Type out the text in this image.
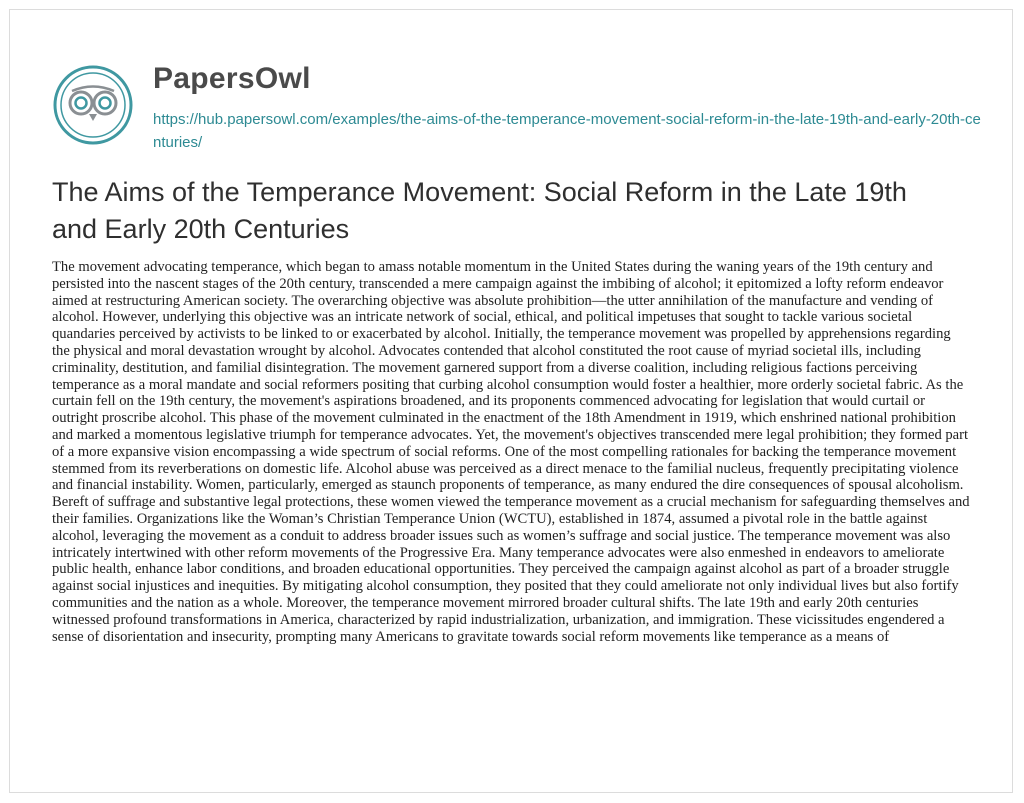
PapersOwl
https://hub.papersowl.com/examples/the-aims-of-the-temperance-movement-social-reform-in-the-late-19th-and-early-20th-centuries/
The Aims of the Temperance Movement: Social Reform in the Late 19th and Early 20th Centuries

The movement advocating temperance, which began to amass notable momentum in the United States during the waning years of the 19th century and persisted into the nascent stages of the 20th century, transcended a mere campaign against the imbibing of alcohol; it epitomized a lofty reform endeavor aimed at restructuring American society. The overarching objective was absolute prohibition—the utter annihilation of the manufacture and vending of alcohol. However, underlying this objective was an intricate network of social, ethical, and political impetuses that sought to tackle various societal quandaries perceived by activists to be linked to or exacerbated by alcohol. Initially, the temperance movement was propelled by apprehensions regarding the physical and moral devastation wrought by alcohol. Advocates contended that alcohol constituted the root cause of myriad societal ills, including criminality, destitution, and familial disintegration. The movement garnered support from a diverse coalition, including religious factions perceiving temperance as a moral mandate and social reformers positing that curbing alcohol consumption would foster a healthier, more orderly societal fabric. As the curtain fell on the 19th century, the movement's aspirations broadened, and its proponents commenced advocating for legislation that would curtail or outright proscribe alcohol. This phase of the movement culminated in the enactment of the 18th Amendment in 1919, which enshrined national prohibition and marked a momentous legislative triumph for temperance advocates. Yet, the movement's objectives transcended mere legal prohibition; they formed part of a more expansive vision encompassing a wide spectrum of social reforms. One of the most compelling rationales for backing the temperance movement stemmed from its reverberations on domestic life. Alcohol abuse was perceived as a direct menace to the familial nucleus, frequently precipitating violence and financial instability. Women, particularly, emerged as staunch proponents of temperance, as many endured the dire consequences of spousal alcoholism. Bereft of suffrage and substantive legal protections, these women viewed the temperance movement as a crucial mechanism for safeguarding themselves and their families. Organizations like the Woman’s Christian Temperance Union (WCTU), established in 1874, assumed a pivotal role in the battle against alcohol, leveraging the movement as a conduit to address broader issues such as women’s suffrage and social justice. The temperance movement was also intricately intertwined with other reform movements of the Progressive Era. Many temperance advocates were also enmeshed in endeavors to ameliorate public health, enhance labor conditions, and broaden educational opportunities. They perceived the campaign against alcohol as part of a broader struggle against social injustices and inequities. By mitigating alcohol consumption, they posited that they could ameliorate not only individual lives but also fortify communities and the nation as a whole. Moreover, the temperance movement mirrored broader cultural shifts. The late 19th and early 20th centuries witnessed profound transformations in America, characterized by rapid industrialization, urbanization, and immigration. These vicissitudes engendered a sense of disorientation and insecurity, prompting many Americans to gravitate towards social reform movements like temperance as a means of
